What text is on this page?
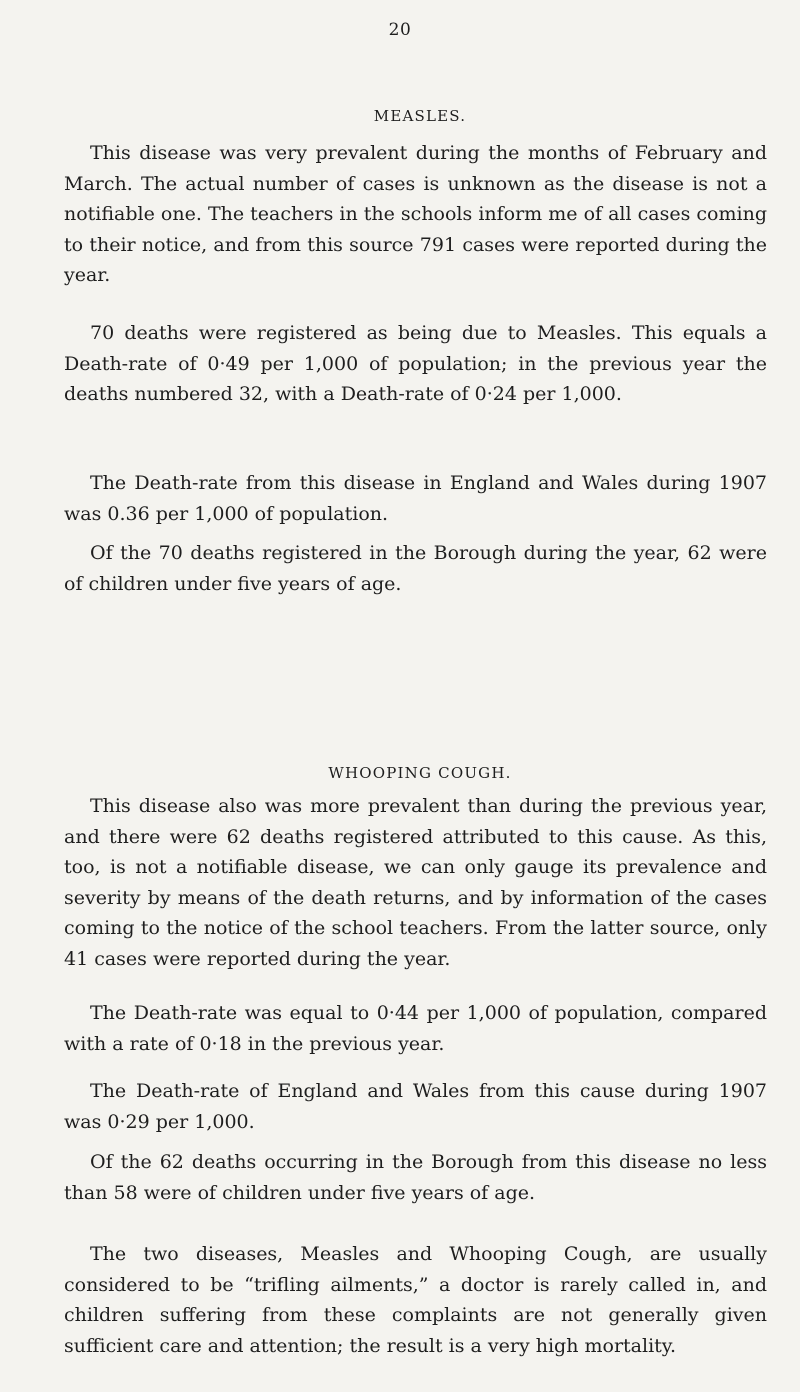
20
MEASLES.

This disease was very prevalent during the months of February and March. The actual number of cases is unknown as the disease is not a notifiable one. The teachers in the schools inform me of all cases coming to their notice, and from this source 791 cases were reported during the year.

70 deaths were registered as being due to Measles. This equals a Death-rate of 0·49 per 1,000 of population; in the previous year the deaths numbered 32, with a Death-rate of 0·24 per 1,000.

The Death-rate from this disease in England and Wales during 1907 was 0.36 per 1,000 of population.

Of the 70 deaths registered in the Borough during the year, 62 were of children under five years of age.

WHOOPING COUGH.

This disease also was more prevalent than during the previous year, and there were 62 deaths registered attributed to this cause. As this, too, is not a notifiable disease, we can only gauge its prevalence and severity by means of the death returns, and by information of the cases coming to the notice of the school teachers. From the latter source, only 41 cases were reported during the year.

The Death-rate was equal to 0·44 per 1,000 of population, compared with a rate of 0·18 in the previous year.

The Death-rate of England and Wales from this cause during 1907 was 0·29 per 1,000.

Of the 62 deaths occurring in the Borough from this disease no less than 58 were of children under five years of age.

The two diseases, Measles and Whooping Cough, are usually considered to be “trifling ailments,” a doctor is rarely called in, and children suffering from these complaints are not generally given sufficient care and attention; the result is a very high mortality.
